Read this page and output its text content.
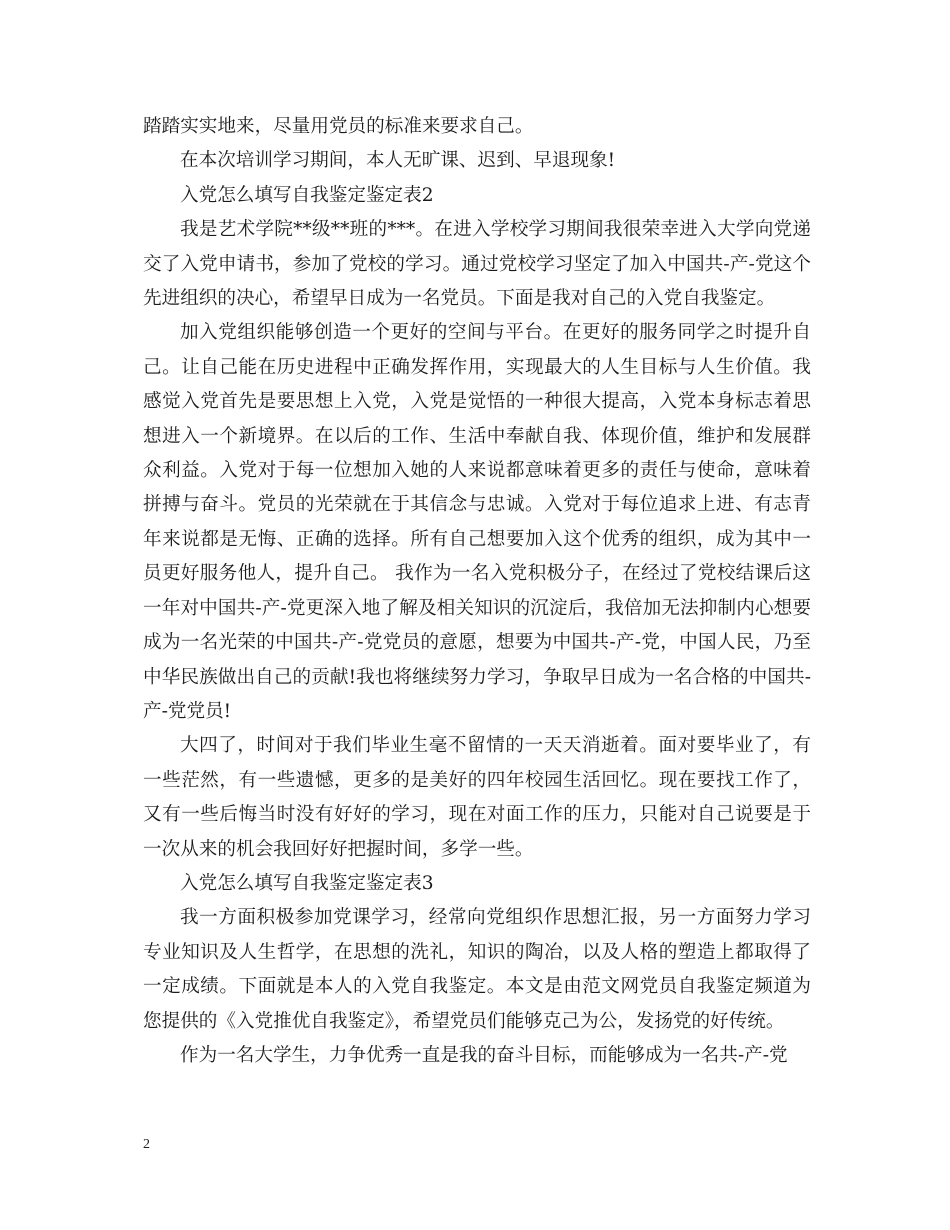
踏踏实实地来，尽量用党员的标准来要求自己。

在本次培训学习期间，本人无旷课、迟到、早退现象!

入党怎么填写自我鉴定鉴定表2

我是艺术学院**级**班的***。在进入学校学习期间我很荣幸进入大学向党递交了入党申请书，参加了党校的学习。通过党校学习坚定了加入中国共-产-党这个先进组织的决心，希望早日成为一名党员。下面是我对自己的入党自我鉴定。

加入党组织能够创造一个更好的空间与平台。在更好的服务同学之时提升自己。让自己能在历史进程中正确发挥作用，实现最大的人生目标与人生价值。我感觉入党首先是要思想上入党，入党是觉悟的一种很大提高，入党本身标志着思想进入一个新境界。在以后的工作、生活中奉献自我、体现价值，维护和发展群众利益。入党对于每一位想加入她的人来说都意味着更多的责任与使命，意味着拼搏与奋斗。党员的光荣就在于其信念与忠诚。入党对于每位追求上进、有志青年来说都是无悔、正确的选择。所有自己想要加入这个优秀的组织，成为其中一员更好服务他人，提升自己。 我作为一名入党积极分子，在经过了党校结课后这一年对中国共-产-党更深入地了解及相关知识的沉淀后，我倍加无法抑制内心想要成为一名光荣的中国共-产-党党员的意愿，想要为中国共-产-党，中国人民，乃至中华民族做出自己的贡献!我也将继续努力学习，争取早日成为一名合格的中国共-产-党党员!

大四了，时间对于我们毕业生毫不留情的一天天消逝着。面对要毕业了，有一些茫然，有一些遗憾，更多的是美好的四年校园生活回忆。现在要找工作了，又有一些后悔当时没有好好的学习，现在对面工作的压力，只能对自己说要是于一次从来的机会我回好好把握时间，多学一些。

入党怎么填写自我鉴定鉴定表3

我一方面积极参加党课学习，经常向党组织作思想汇报，另一方面努力学习专业知识及人生哲学，在思想的洗礼，知识的陶冶，以及人格的塑造上都取得了一定成绩。下面就是本人的入党自我鉴定。本文是由范文网党员自我鉴定频道为您提供的《入党推优自我鉴定》，希望党员们能够克己为公，发扬党的好传统。

作为一名大学生，力争优秀一直是我的奋斗目标，而能够成为一名共-产-党

2
